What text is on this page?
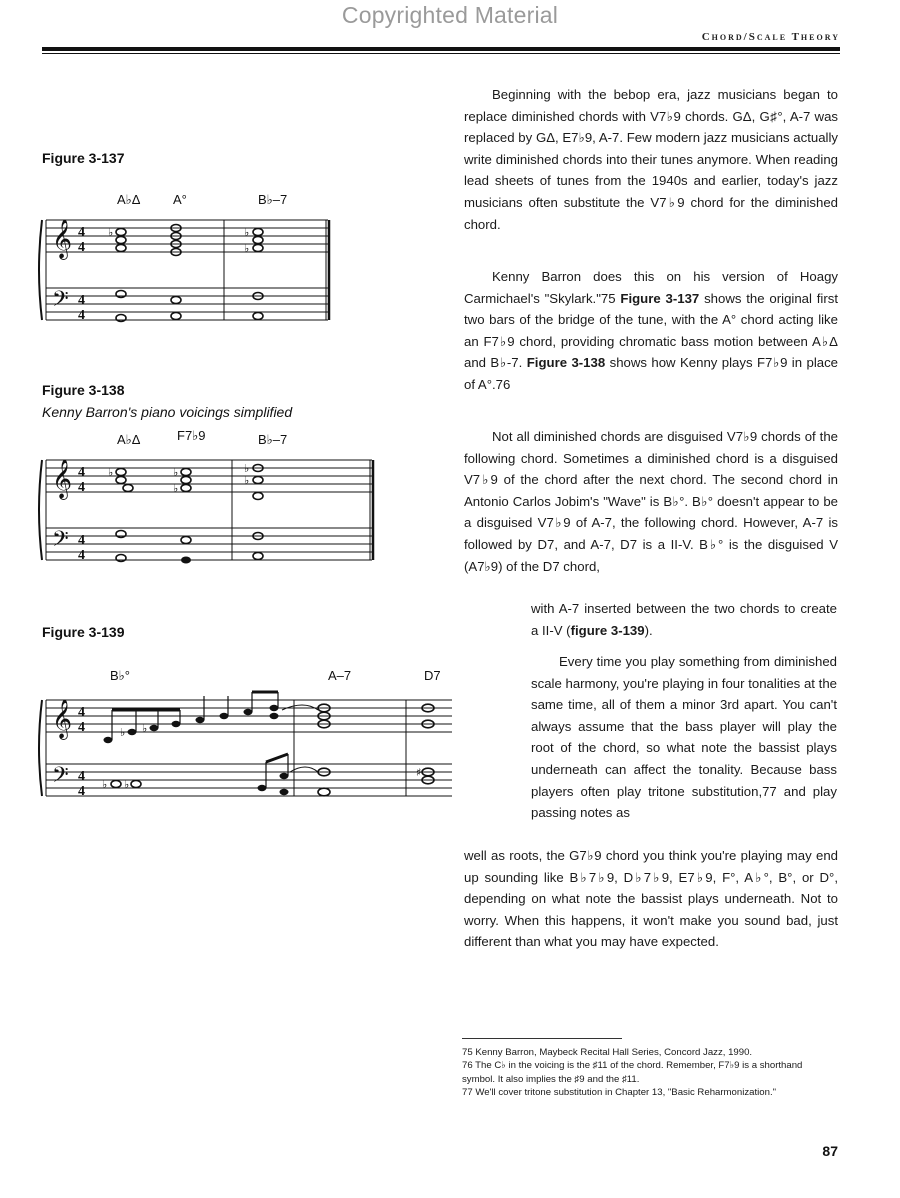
Copyrighted Material
Chord/Scale Theory
Figure 3-137
A♭Δ	A°	B♭–7
𝄞
𝄢
4
4
4
4
♭	♭
♭
Figure 3-138
Kenny Barron's piano voicings simplified
A♭Δ	F7♭9	B♭–7
𝄞
𝄢
4
4
4
4
♭	♭
♭
♭
♭
Figure 3-139
B♭°	A–7	D7
𝄞
𝄢
4
4
4
4
♭ ♭
♭ ♭
♯

Beginning with the bebop era, jazz musicians began to replace diminished chords with V7♭9 chords. GΔ, G♯°, A-7 was replaced by GΔ, E7♭9, A-7. Few modern jazz musicians actually write diminished chords into their tunes anymore. When reading lead sheets of tunes from the 1940s and earlier, today's jazz musicians often substitute the V7♭9 chord for the diminished chord.

Kenny Barron does this on his version of Hoagy Carmichael's "Skylark."75 Figure 3-137 shows the original first two bars of the bridge of the tune, with the A° chord acting like an F7♭9 chord, providing chromatic bass motion between A♭Δ and B♭-7. Figure 3-138 shows how Kenny plays F7♭9 in place of A°.76

Not all diminished chords are disguised V7♭9 chords of the following chord. Sometimes a diminished chord is a disguised V7♭9 of the chord after the next chord. The second chord in Antonio Carlos Jobim's "Wave" is B♭°. B♭° doesn't appear to be a disguised V7♭9 of A-7, the following chord. However, A-7 is followed by D7, and A-7, D7 is a II-V. B♭° is the disguised V (A7♭9) of the D7 chord,

with A-7 inserted between the two chords to create a II-V (figure 3-139).

Every time you play something from diminished scale harmony, you're playing in four tonalities at the same time, all of them a minor 3rd apart. You can't always assume that the bass player will play the root of the chord, so what note the bassist plays underneath can affect the tonality. Because bass players often play tritone substitution,77 and play passing notes as

well as roots, the G7♭9 chord you think you're playing may end up sounding like B♭7♭9, D♭7♭9, E7♭9, F°, A♭°, B°, or D°, depending on what note the bassist plays underneath. Not to worry. When this happens, it won't make you sound bad, just different than what you may have expected.

75 Kenny Barron, Maybeck Recital Hall Series, Concord Jazz, 1990.

76 The C♭ in the voicing is the ♯11 of the chord. Remember, F7♭9 is a shorthand symbol. It also implies the ♯9 and the ♯11.

77 We'll cover tritone substitution in Chapter 13, "Basic Reharmonization."

87
